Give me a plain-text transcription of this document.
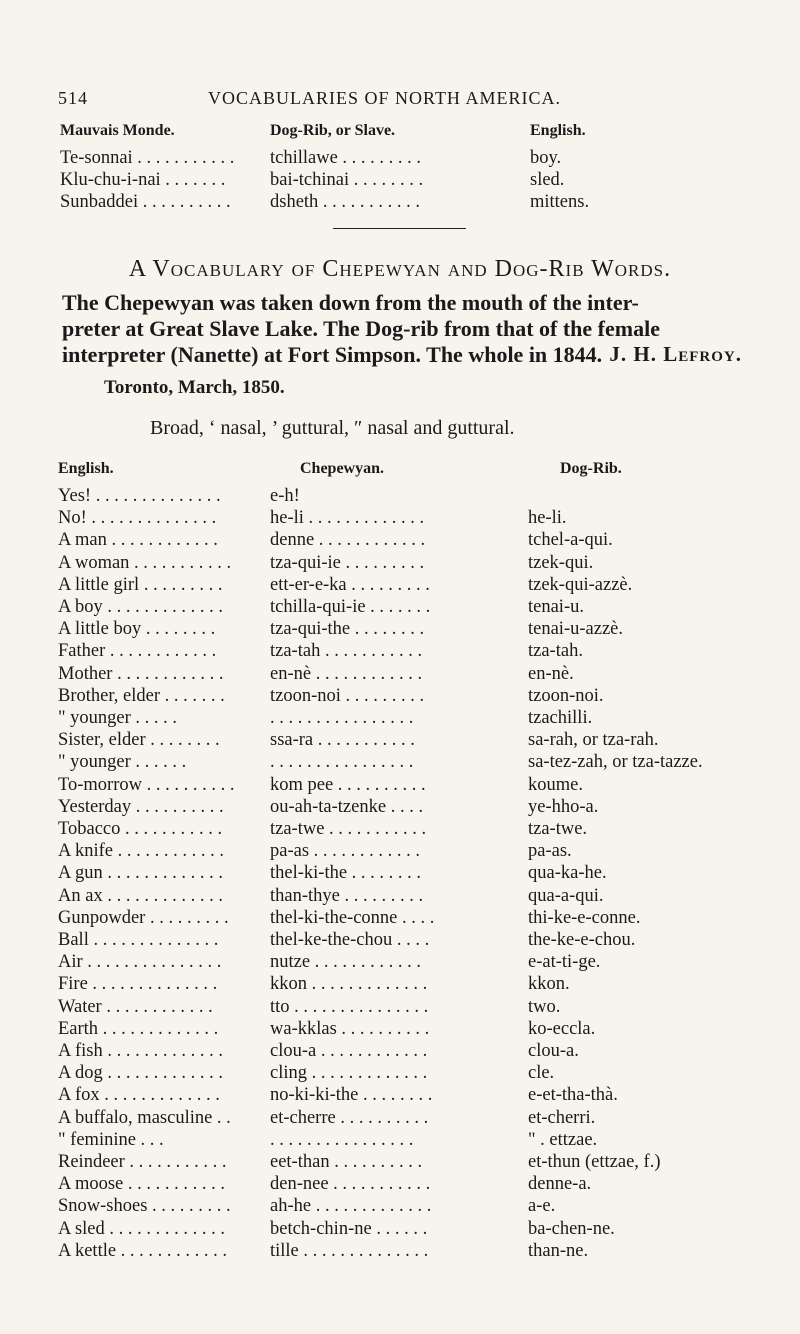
514	VOCABULARIES OF NORTH AMERICA.
Mauvais Monde.	Dog-Rib, or Slave.	English.
Te-sonnai . . . . . . . . . . . tchillawe . . . . . . . . .	boy.
Klu-chu-i-nai . . . . . . . bai-tchinai . . . . . . . .	sled.
Sunbaddei . . . . . . . . . . dsheth . . . . . . . . . . .	mittens.
A Vocabulary of Chepewyan and Dog-Rib Words.
The Chepewyan was taken down from the mouth of the inter-
preter at Great Slave Lake. The Dog-rib from that of the female
interpreter (Nanette) at Fort Simpson. The whole in 1844. J. H. Lefroy.
Toronto, March, 1850.
Broad, ‘ nasal, ’ guttural, ″ nasal and guttural.
English.	Chepewyan.	Dog-Rib.
Yes! . . . . . . . . . . . . . .	e-h!
No! . . . . . . . . . . . . . .	he-li . . . . . . . . . . . . .	he-li.
A man . . . . . . . . . . . .	denne . . . . . . . . . . . .	tchel-a-qui.
A woman . . . . . . . . . . . tza-qui-ie . . . . . . . . .	tzek-qui.
A little girl . . . . . . . . .	ett-er-e-ka . . . . . . . . .	tzek-qui-azzè.
A boy . . . . . . . . . . . . .	tchilla-qui-ie . . . . . . .	tenai-u.
A little boy . . . . . . . .	tza-qui-the . . . . . . . .	tenai-u-azzè.
Father . . . . . . . . . . . .	tza-tah . . . . . . . . . . .	tza-tah.
Mother . . . . . . . . . . . .	en-nè . . . . . . . . . . . .	en-nè.
Brother, elder . . . . . . . tzoon-noi . . . . . . . . .	tzoon-noi.
" younger . . . . .	. . . . . . . . . . . . . . . .	tzachilli.
Sister, elder . . . . . . . .	ssa-ra . . . . . . . . . . .	sa-rah, or tza-rah.
" younger . . . . . .	. . . . . . . . . . . . . . . .	sa-tez-zah, or tza-tazze.
To-morrow . . . . . . . . . . kom pee . . . . . . . . . .	koume.
Yesterday . . . . . . . . . .	ou-ah-ta-tzenke . . . .	ye-hho-a.
Tobacco . . . . . . . . . . .	tza-twe . . . . . . . . . . .	tza-twe.
A knife . . . . . . . . . . . . pa-as . . . . . . . . . . . .	pa-as.
A gun . . . . . . . . . . . . .	thel-ki-the . . . . . . . .	qua-ka-he.
An ax . . . . . . . . . . . . .	than-thye . . . . . . . . .	qua-a-qui.
Gunpowder . . . . . . . . . thel-ki-the-conne . . . .	thi-ke-e-conne.
Ball . . . . . . . . . . . . . .	thel-ke-the-chou . . . .	the-ke-e-chou.
Air . . . . . . . . . . . . . . .	nutze . . . . . . . . . . . .	e-at-ti-ge.
Fire . . . . . . . . . . . . . .	kkon . . . . . . . . . . . . .	kkon.
Water . . . . . . . . . . . .	tto . . . . . . . . . . . . . . .	two.
Earth . . . . . . . . . . . . .	wa-kklas . . . . . . . . . .	ko-eccla.
A fish . . . . . . . . . . . . .	clou-a . . . . . . . . . . . .	clou-a.
A dog . . . . . . . . . . . . .	cling . . . . . . . . . . . . .	cle.
A fox . . . . . . . . . . . . .	no-ki-ki-the . . . . . . . .	e-et-tha-thà.
A buffalo, masculine . . et-cherre . . . . . . . . . .	et-cherri.
" feminine . . .	. . . . . . . . . . . . . . . .	" . ettzae.
Reindeer . . . . . . . . . . . eet-than . . . . . . . . . .	et-thun (ettzae, f.)
A moose . . . . . . . . . . . den-nee . . . . . . . . . . .	denne-a.
Snow-shoes . . . . . . . . . ah-he . . . . . . . . . . . . .	a-e.
A sled . . . . . . . . . . . . . betch-chin-ne . . . . . .	ba-chen-ne.
A kettle . . . . . . . . . . . . tille . . . . . . . . . . . . . .	than-ne.
